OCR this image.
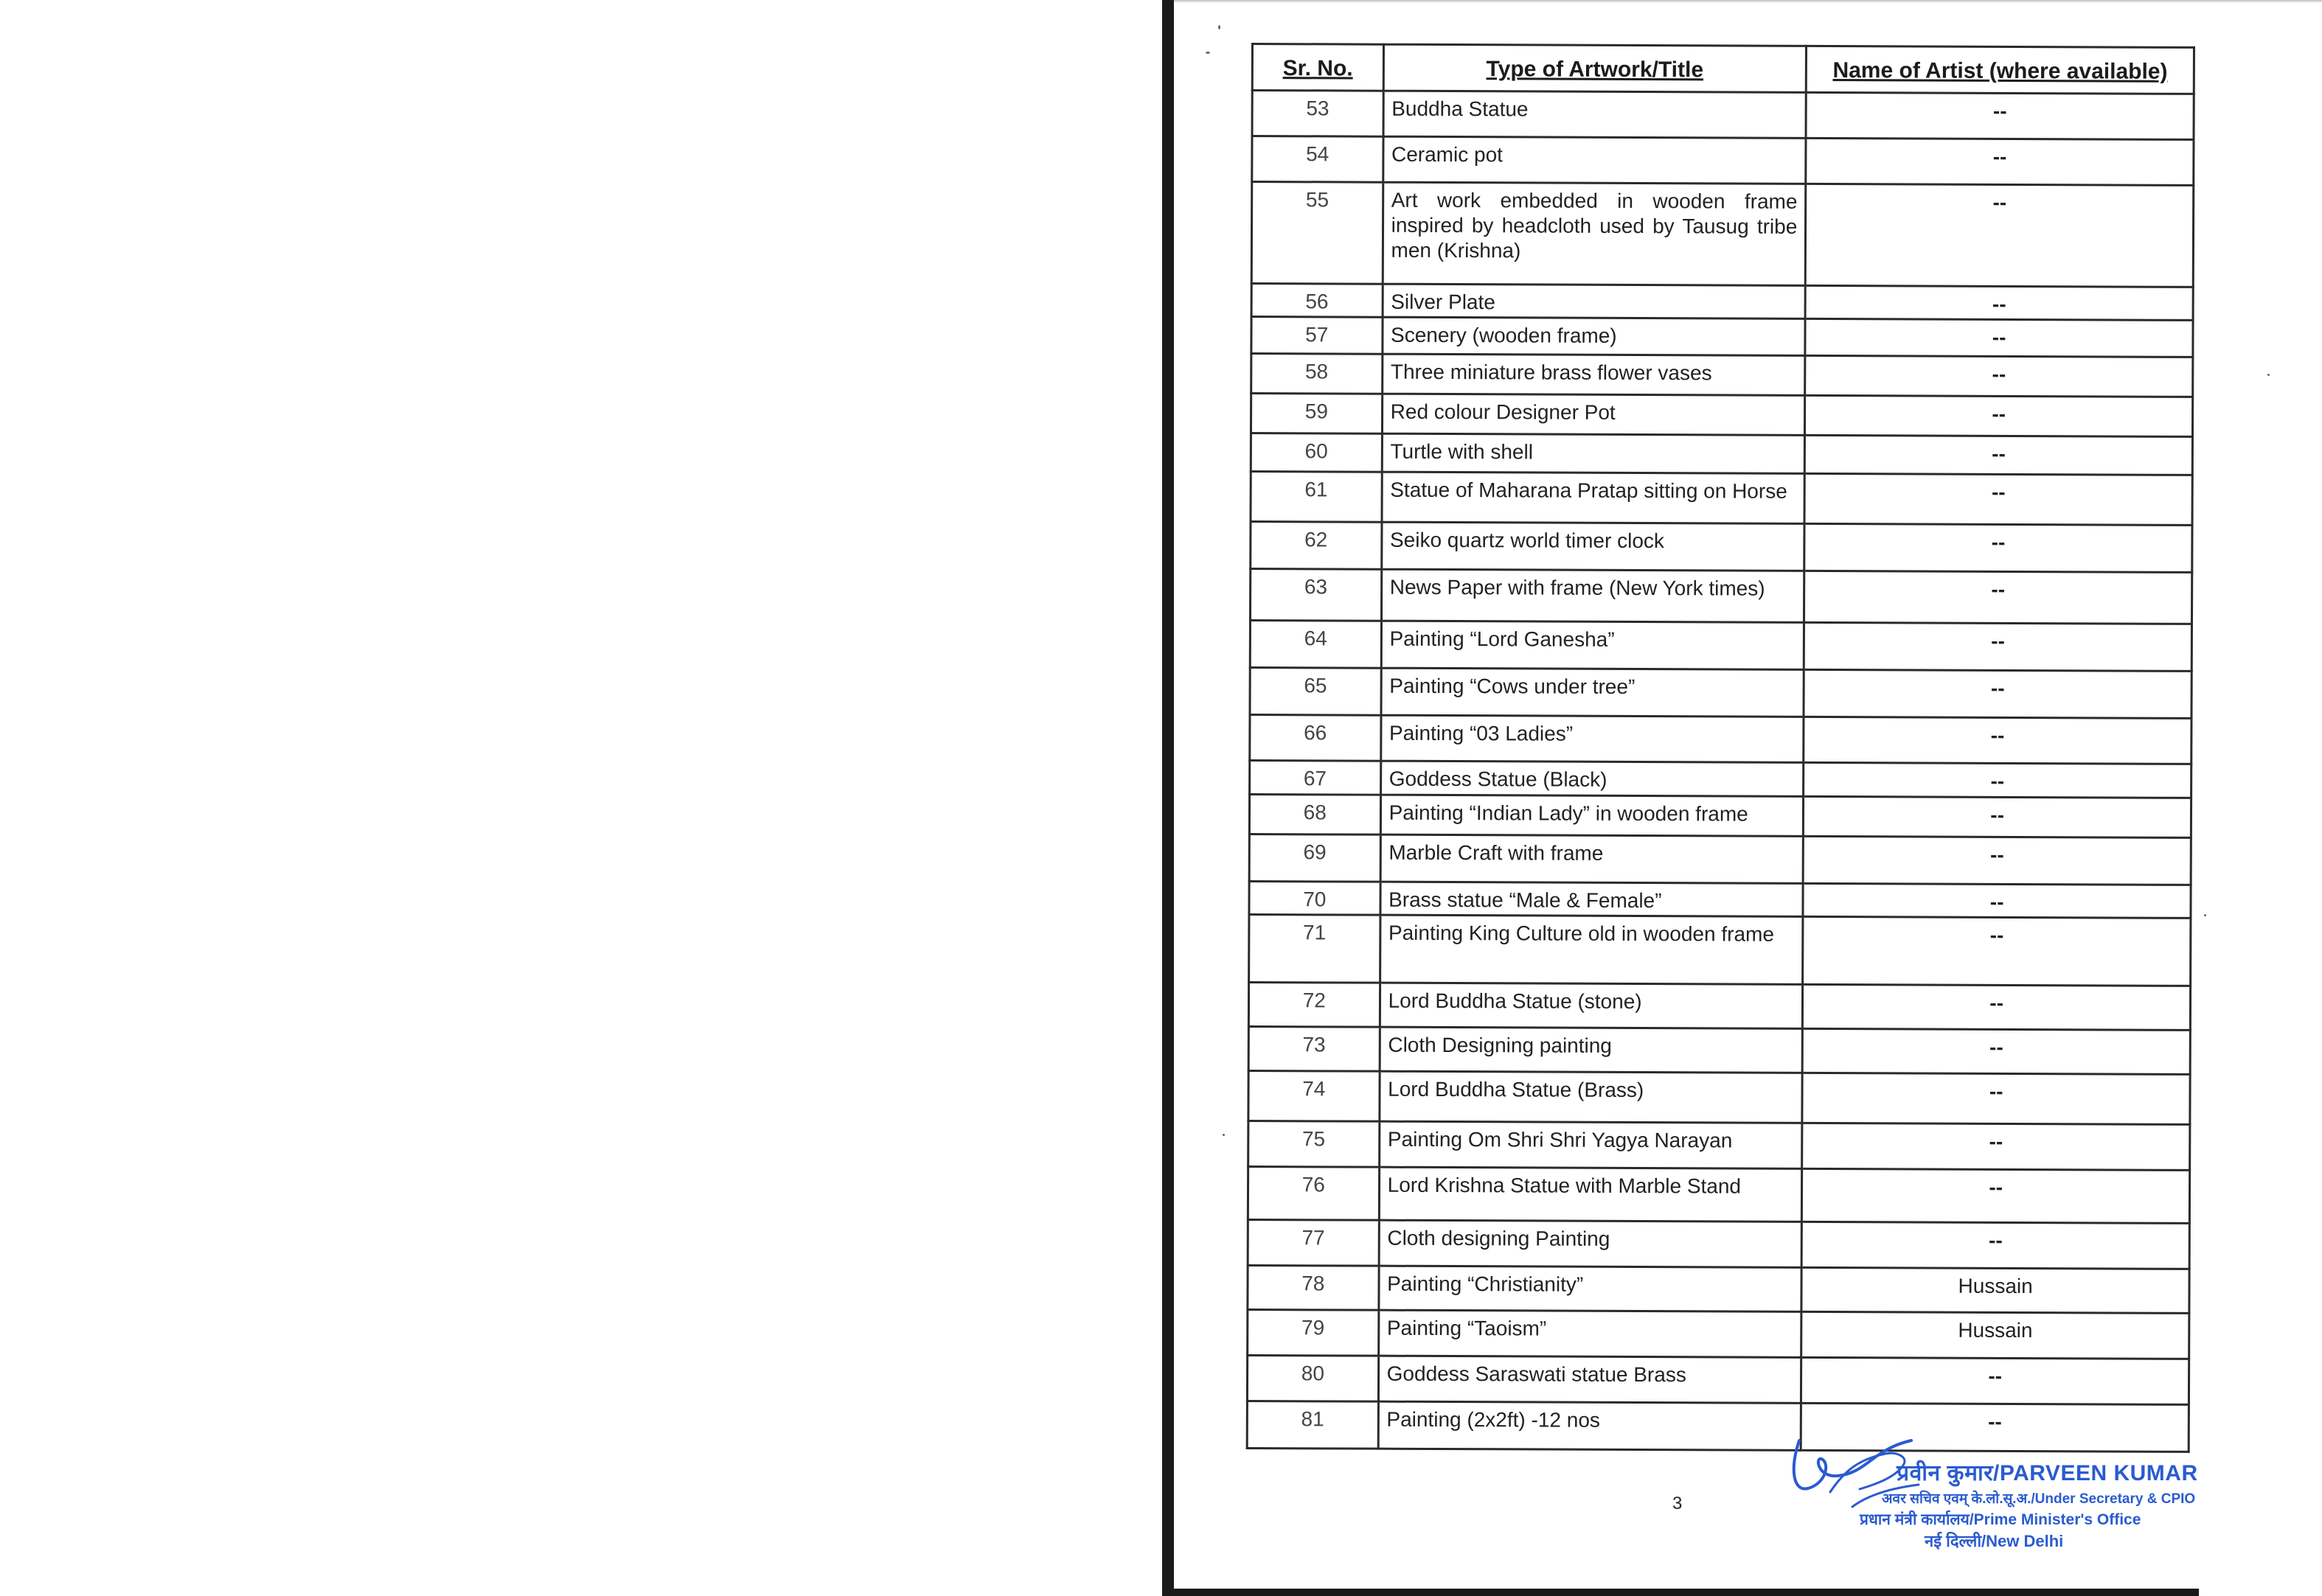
Sr. No.	Type of Artwork/Title	Name of Artist (where available)
53	Buddha Statue	--
54	Ceramic pot	--
55	Art work embedded in wooden frame inspired by headcloth used by Tausug tribe men (Krishna)	--
56	Silver Plate	--
57	Scenery (wooden frame)	--
58	Three miniature brass flower vases	--
59	Red colour Designer Pot	--
60	Turtle with shell	--
61	Statue of Maharana Pratap sitting on Horse	--
62	Seiko quartz world timer clock	--
63	News Paper with frame (New York times)	--
64	Painting “Lord Ganesha”	--
65	Painting “Cows under tree”	--
66	Painting “03 Ladies”	--
67	Goddess Statue (Black)	--
68	Painting “Indian Lady” in wooden frame	--
69	Marble Craft with frame	--
70	Brass statue “Male & Female”	--
71	Painting King Culture old in wooden frame	--
72	Lord Buddha Statue (stone)	--
73	Cloth Designing painting	--
74	Lord Buddha Statue (Brass)	--
75	Painting Om Shri Shri Yagya Narayan	--
76	Lord Krishna Statue with Marble Stand	--
77	Cloth designing Painting	--
78	Painting “Christianity”	Hussain
79	Painting “Taoism”	Hussain
80	Goddess Saraswati statue Brass	--
81	Painting (2x2ft) -12 nos	--
3
प्रवीन कुमार/PARVEEN KUMAR
अवर सचिव एवम् के.लो.सू.अ./Under Secretary & CPIO
प्रधान मंत्री कार्यालय/Prime Minister's Office
नई दिल्ली/New Delhi
